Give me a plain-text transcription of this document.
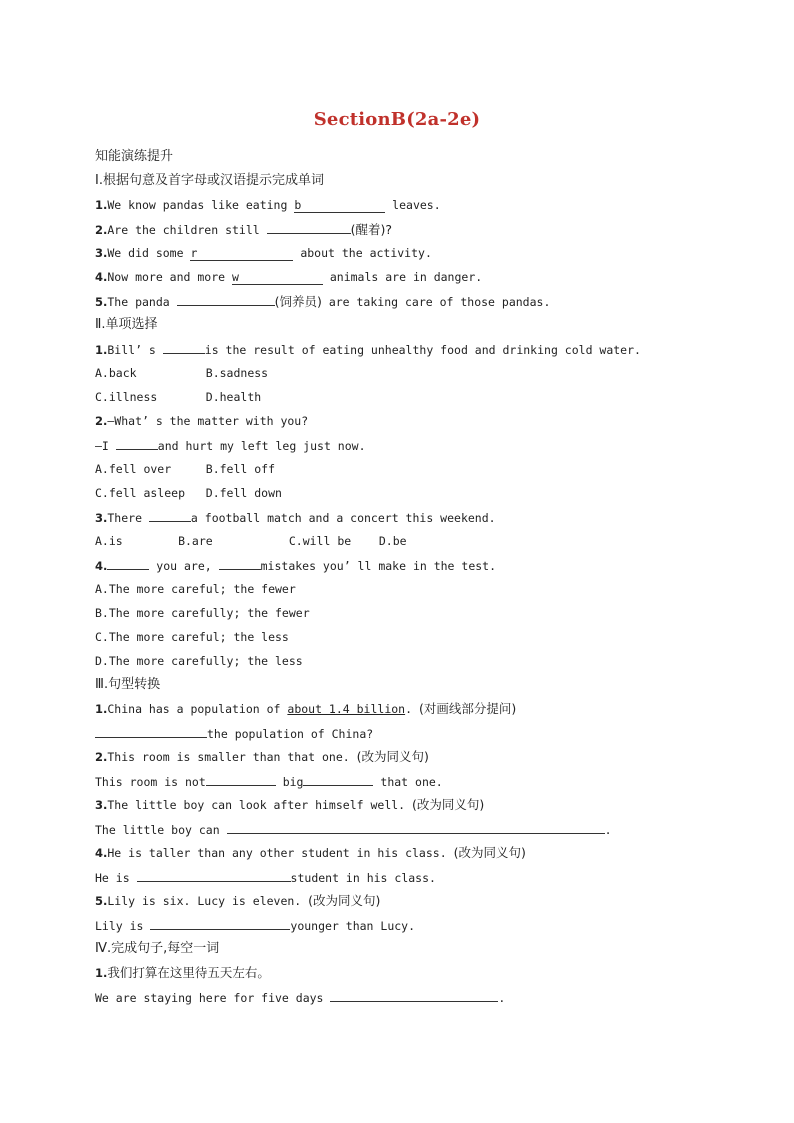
SectionB(2a-2e)
知能演练提升
Ⅰ.根据句意及首字母或汉语提示完成单词
1.We know pandas like eating b	leaves.
2.Are the children still	(醒着)?
3.We did some r	about the activity.
4.Now more and more w	animals are in danger.
5.The panda	(饲养员) are taking care of those pandas.
Ⅱ.单项选择
1.Bill’ s	is the result of eating unhealthy food and drinking cold water.
A.back          B.sadness
C.illness       D.health
2.—What’ s the matter with you?
—I	and hurt my left leg just now.
A.fell over     B.fell off
C.fell asleep   D.fell down
3.There	a football match and a concert this weekend.
A.is        B.are           C.will be    D.be
4.	you are,	mistakes you’ ll make in the test.
A.The more careful; the fewer
B.The more carefully; the fewer
C.The more careful; the less
D.The more carefully; the less
Ⅲ.句型转换
1.China has a population of about 1.4 billion. (对画线部分提问)
the population of China?
2.This room is smaller than that one. (改为同义句)
This room is not	big	that one.
3.The little boy can look after himself well. (改为同义句)
The little boy can	.
4.He is taller than any other student in his class. (改为同义句)
He is	student in his class.
5.Lily is six. Lucy is eleven. (改为同义句)
Lily is	younger than Lucy.
Ⅳ.完成句子,每空一词
1.我们打算在这里待五天左右。
We are staying here for five days	.
